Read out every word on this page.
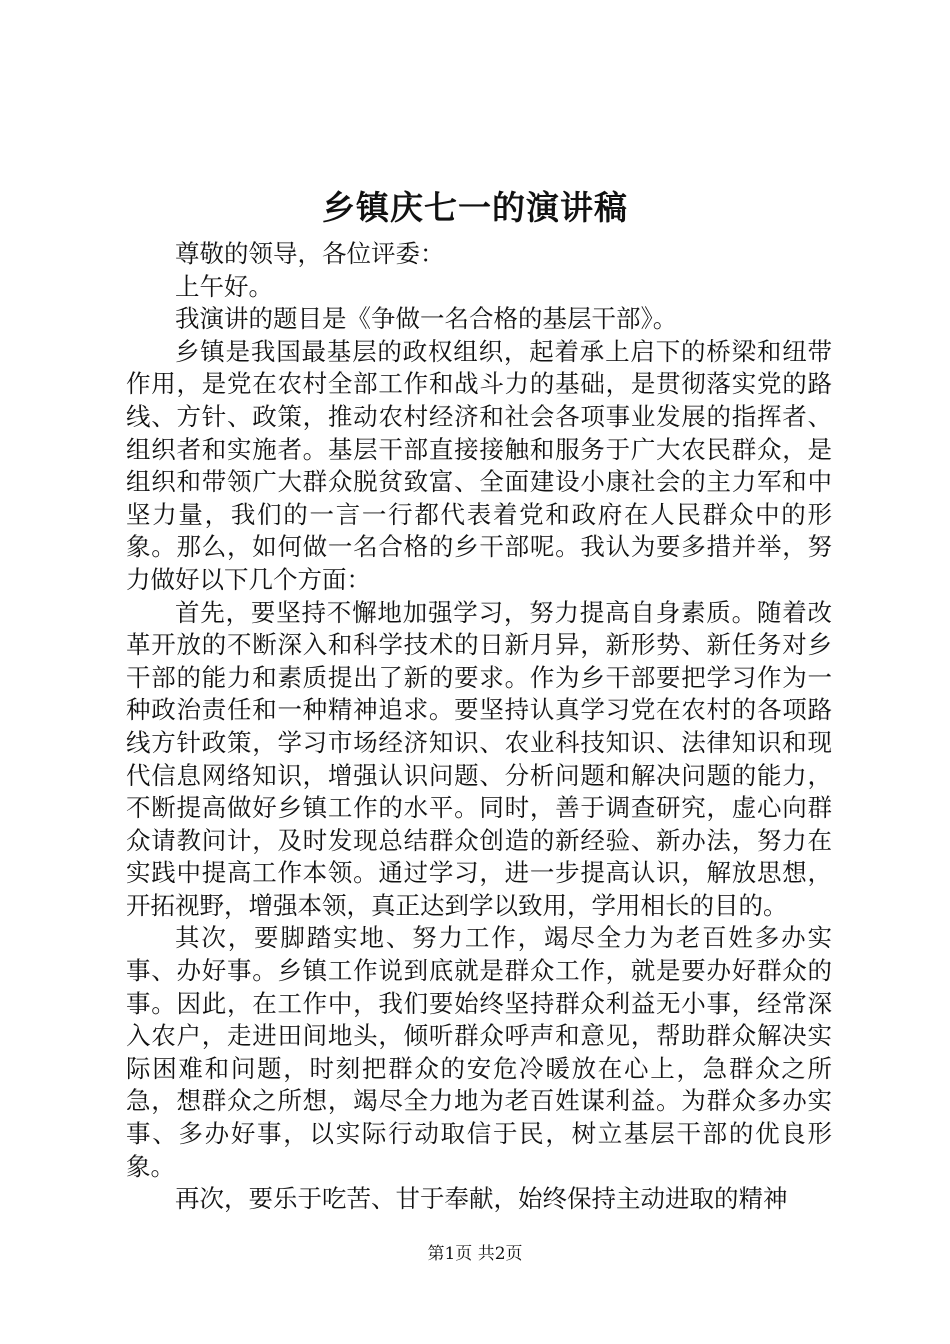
乡镇庆七一的演讲稿

尊敬的领导，各位评委：

上午好。

我演讲的题目是《争做一名合格的基层干部》。

乡镇是我国最基层的政权组织，起着承上启下的桥梁和纽带作用，是党在农村全部工作和战斗力的基础，是贯彻落实党的路线、方针、政策，推动农村经济和社会各项事业发展的指挥者、组织者和实施者。基层干部直接接触和服务于广大农民群众，是组织和带领广大群众脱贫致富、全面建设小康社会的主力军和中坚力量，我们的一言一行都代表着党和政府在人民群众中的形象。那么，如何做一名合格的乡干部呢。我认为要多措并举，努力做好以下几个方面：

首先，要坚持不懈地加强学习，努力提高自身素质。随着改革开放的不断深入和科学技术的日新月异，新形势、新任务对乡干部的能力和素质提出了新的要求。作为乡干部要把学习作为一种政治责任和一种精神追求。要坚持认真学习党在农村的各项路线方针政策，学习市场经济知识、农业科技知识、法律知识和现代信息网络知识，增强认识问题、分析问题和解决问题的能力，不断提高做好乡镇工作的水平。同时，善于调查研究，虚心向群众请教问计，及时发现总结群众创造的新经验、新办法，努力在实践中提高工作本领。通过学习，进一步提高认识，解放思想，开拓视野，增强本领，真正达到学以致用，学用相长的目的。

其次，要脚踏实地、努力工作，竭尽全力为老百姓多办实事、办好事。乡镇工作说到底就是群众工作，就是要办好群众的事。因此，在工作中，我们要始终坚持群众利益无小事，经常深入农户，走进田间地头，倾听群众呼声和意见，帮助群众解决实际困难和问题，时刻把群众的安危冷暖放在心上，急群众之所急，想群众之所想，竭尽全力地为老百姓谋利益。为群众多办实事、多办好事，以实际行动取信于民，树立基层干部的优良形象。

再次，要乐于吃苦、甘于奉献，始终保持主动进取的精神

第1页 共2页
